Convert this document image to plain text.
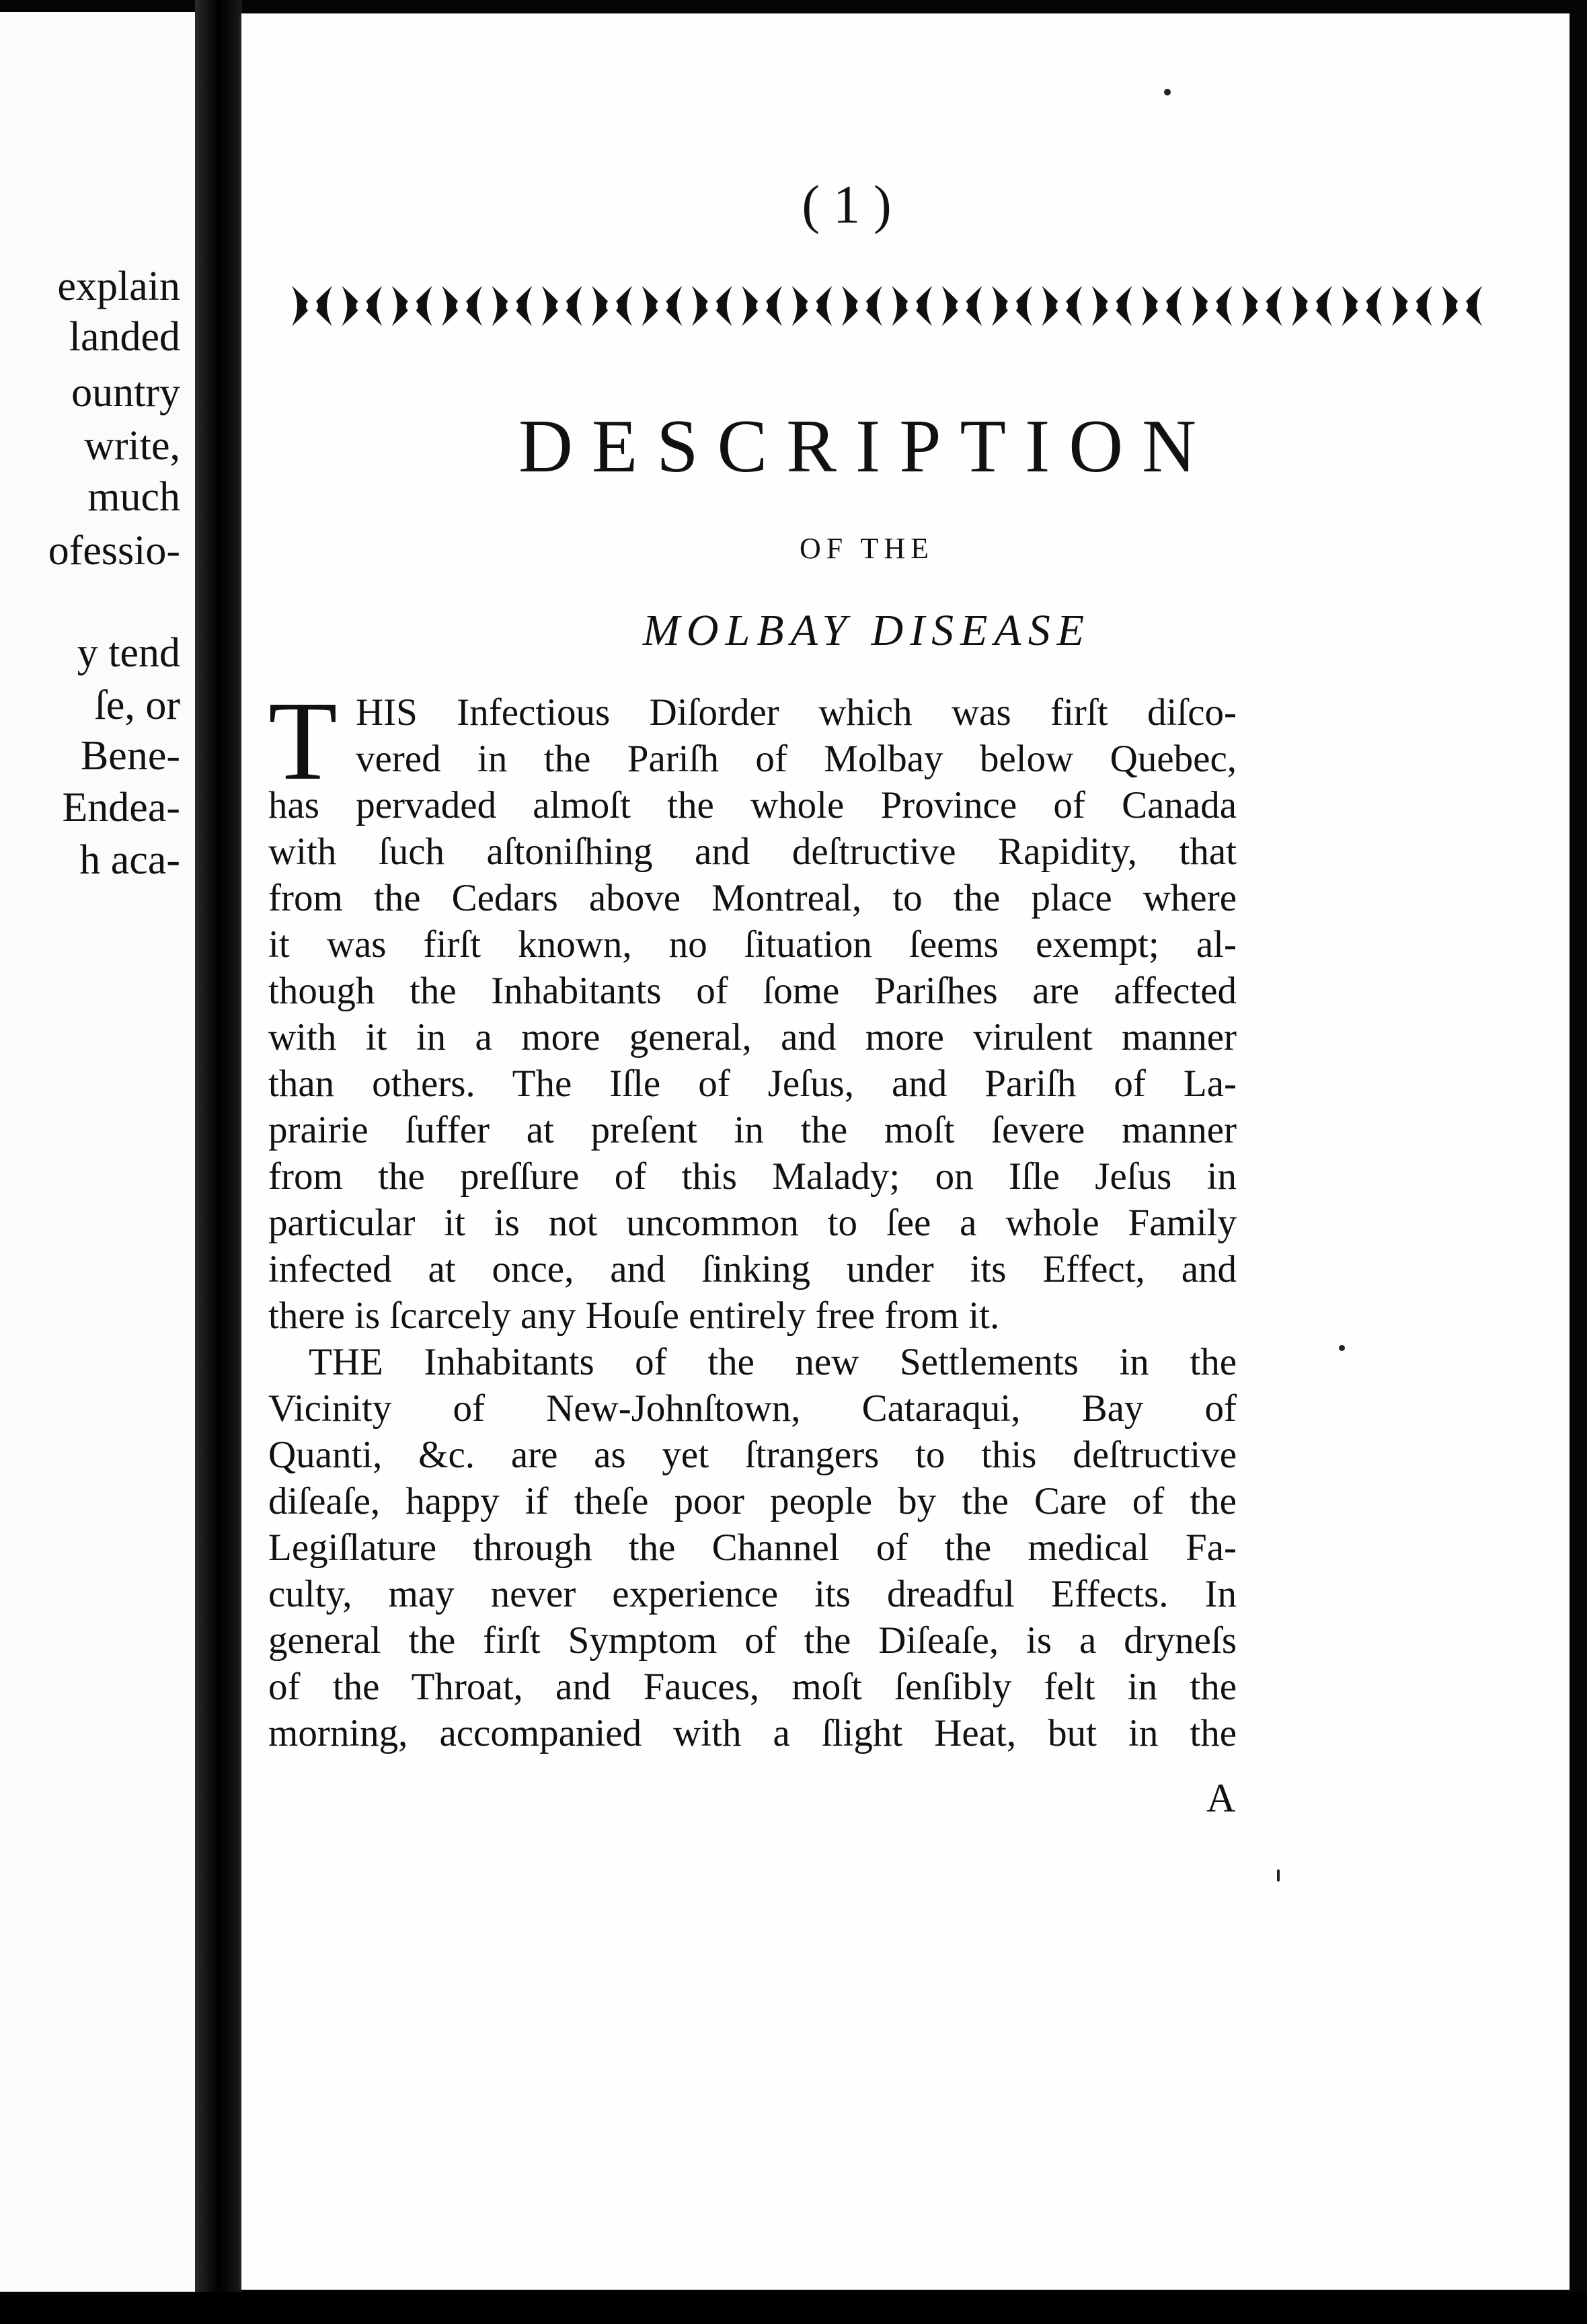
explain
landed
ountry
write,
much
ofessio-
y tend
ſe, or
Bene-
Endea-
h aca-
( 1 )
DESCRIPTION
OF THE
MOLBAY DISEASE
T HIS Infectious Diſorder which was firſt diſco-
vered in the Pariſh of Molbay below Quebec,
has pervaded almoſt the whole Province of Canada
with ſuch aſtoniſhing and deſtructive Rapidity, that
from the Cedars above Montreal, to the place where
it was firſt known, no ſituation ſeems exempt; al-
though the Inhabitants of ſome Pariſhes are affected
with it in a more general, and more virulent manner
than others. The Iſle of Jeſus, and Pariſh of La-
prairie ſuffer at preſent in the moſt ſevere manner
from the preſſure of this Malady; on Iſle Jeſus in
particular it is not uncommon to ſee a whole Family
infected at once, and ſinking under its Effect, and
there is ſcarcely any Houſe entirely free from it.
THE Inhabitants of the new Settlements in the
Vicinity of New-Johnſtown, Cataraqui, Bay of
Quanti, &c. are as yet ſtrangers to this deſtructive
diſeaſe, happy if theſe poor people by the Care of the
Legiſlature through the Channel of the medical Fa-
culty, may never experience its dreadful Effects. In
general the firſt Symptom of the Diſeaſe, is a dryneſs
of the Throat, and Fauces, moſt ſenſibly felt in the
morning, accompanied with a ſlight Heat, but in the
A
